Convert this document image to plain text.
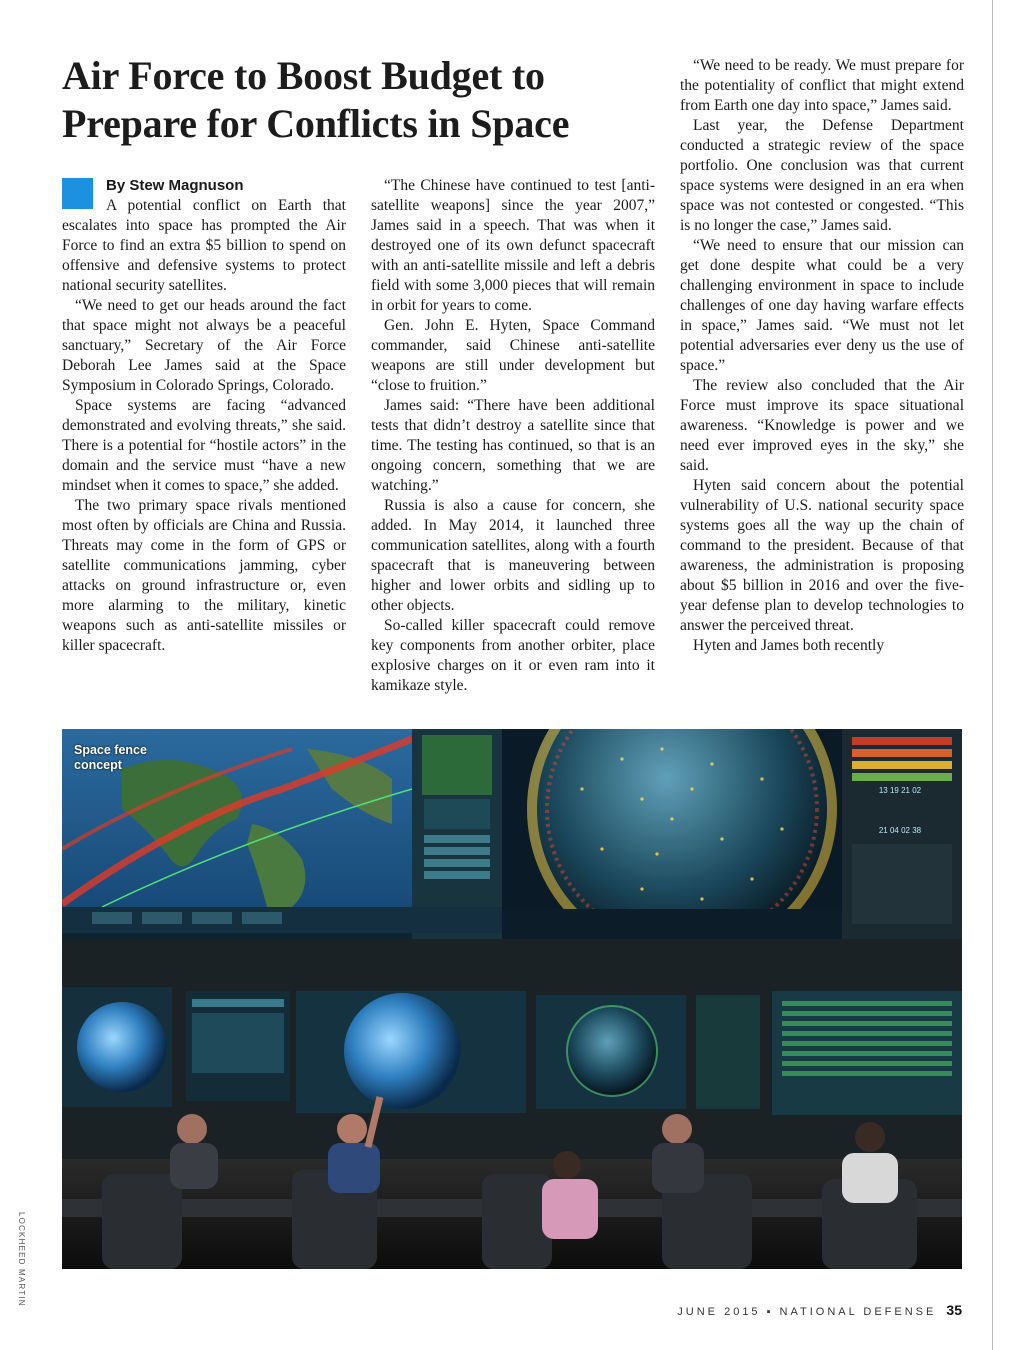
Air Force to Boost Budget to
Prepare for Conflicts in Space
By Stew Magnuson

A potential conflict on Earth that escalates into space has prompted the Air Force to find an extra $5 billion to spend on offensive and defensive systems to protect national security satellites.

“We need to get our heads around the fact that space might not always be a peaceful sanctuary,” Secretary of the Air Force Deborah Lee James said at the Space Symposium in Colorado Springs, Colorado.

Space systems are facing “advanced demonstrated and evolving threats,” she said. There is a potential for “hostile actors” in the domain and the service must “have a new mindset when it comes to space,” she added.

The two primary space rivals mentioned most often by officials are China and Russia. Threats may come in the form of GPS or satellite communications jamming, cyber attacks on ground infrastructure or, even more alarming to the military, kinetic weapons such as anti-satellite missiles or killer spacecraft.

“The Chinese have continued to test [anti-satellite weapons] since the year 2007,” James said in a speech. That was when it destroyed one of its own defunct spacecraft with an anti-satellite missile and left a debris field with some 3,000 pieces that will remain in orbit for years to come.

Gen. John E. Hyten, Space Command commander, said Chinese anti-satellite weapons are still under development but “close to fruition.”

James said: “There have been additional tests that didn’t destroy a satellite since that time. The testing has continued, so that is an ongoing concern, something that we are watching.”

Russia is also a cause for concern, she added. In May 2014, it launched three communication satellites, along with a fourth spacecraft that is maneuvering between higher and lower orbits and sidling up to other objects.

So-called killer spacecraft could remove key components from another orbiter, place explosive charges on it or even ram into it kamikaze style.

“We need to be ready. We must prepare for the potentiality of conflict that might extend from Earth one day into space,” James said.

Last year, the Defense Department conducted a strategic review of the space portfolio. One conclusion was that current space systems were designed in an era when space was not contested or congested. “This is no longer the case,” James said.

“We need to ensure that our mission can get done despite what could be a very challenging environment in space to include challenges of one day having warfare effects in space,” James said. “We must not let potential adversaries ever deny us the use of space.”

The review also concluded that the Air Force must improve its space situational awareness. “Knowledge is power and we need ever improved eyes in the sky,” she said.

Hyten said concern about the potential vulnerability of U.S. national security space systems goes all the way up the chain of command to the president. Because of that awareness, the administration is proposing about $5 billion in 2016 and over the five-year defense plan to develop technologies to answer the perceived threat.

Hyten and James both recently

13 19 21 02
21 04 02 38
Space fence
concept
LOCKHEED MARTIN
JUNE 2015 ▪ NATIONAL DEFENSE 35
